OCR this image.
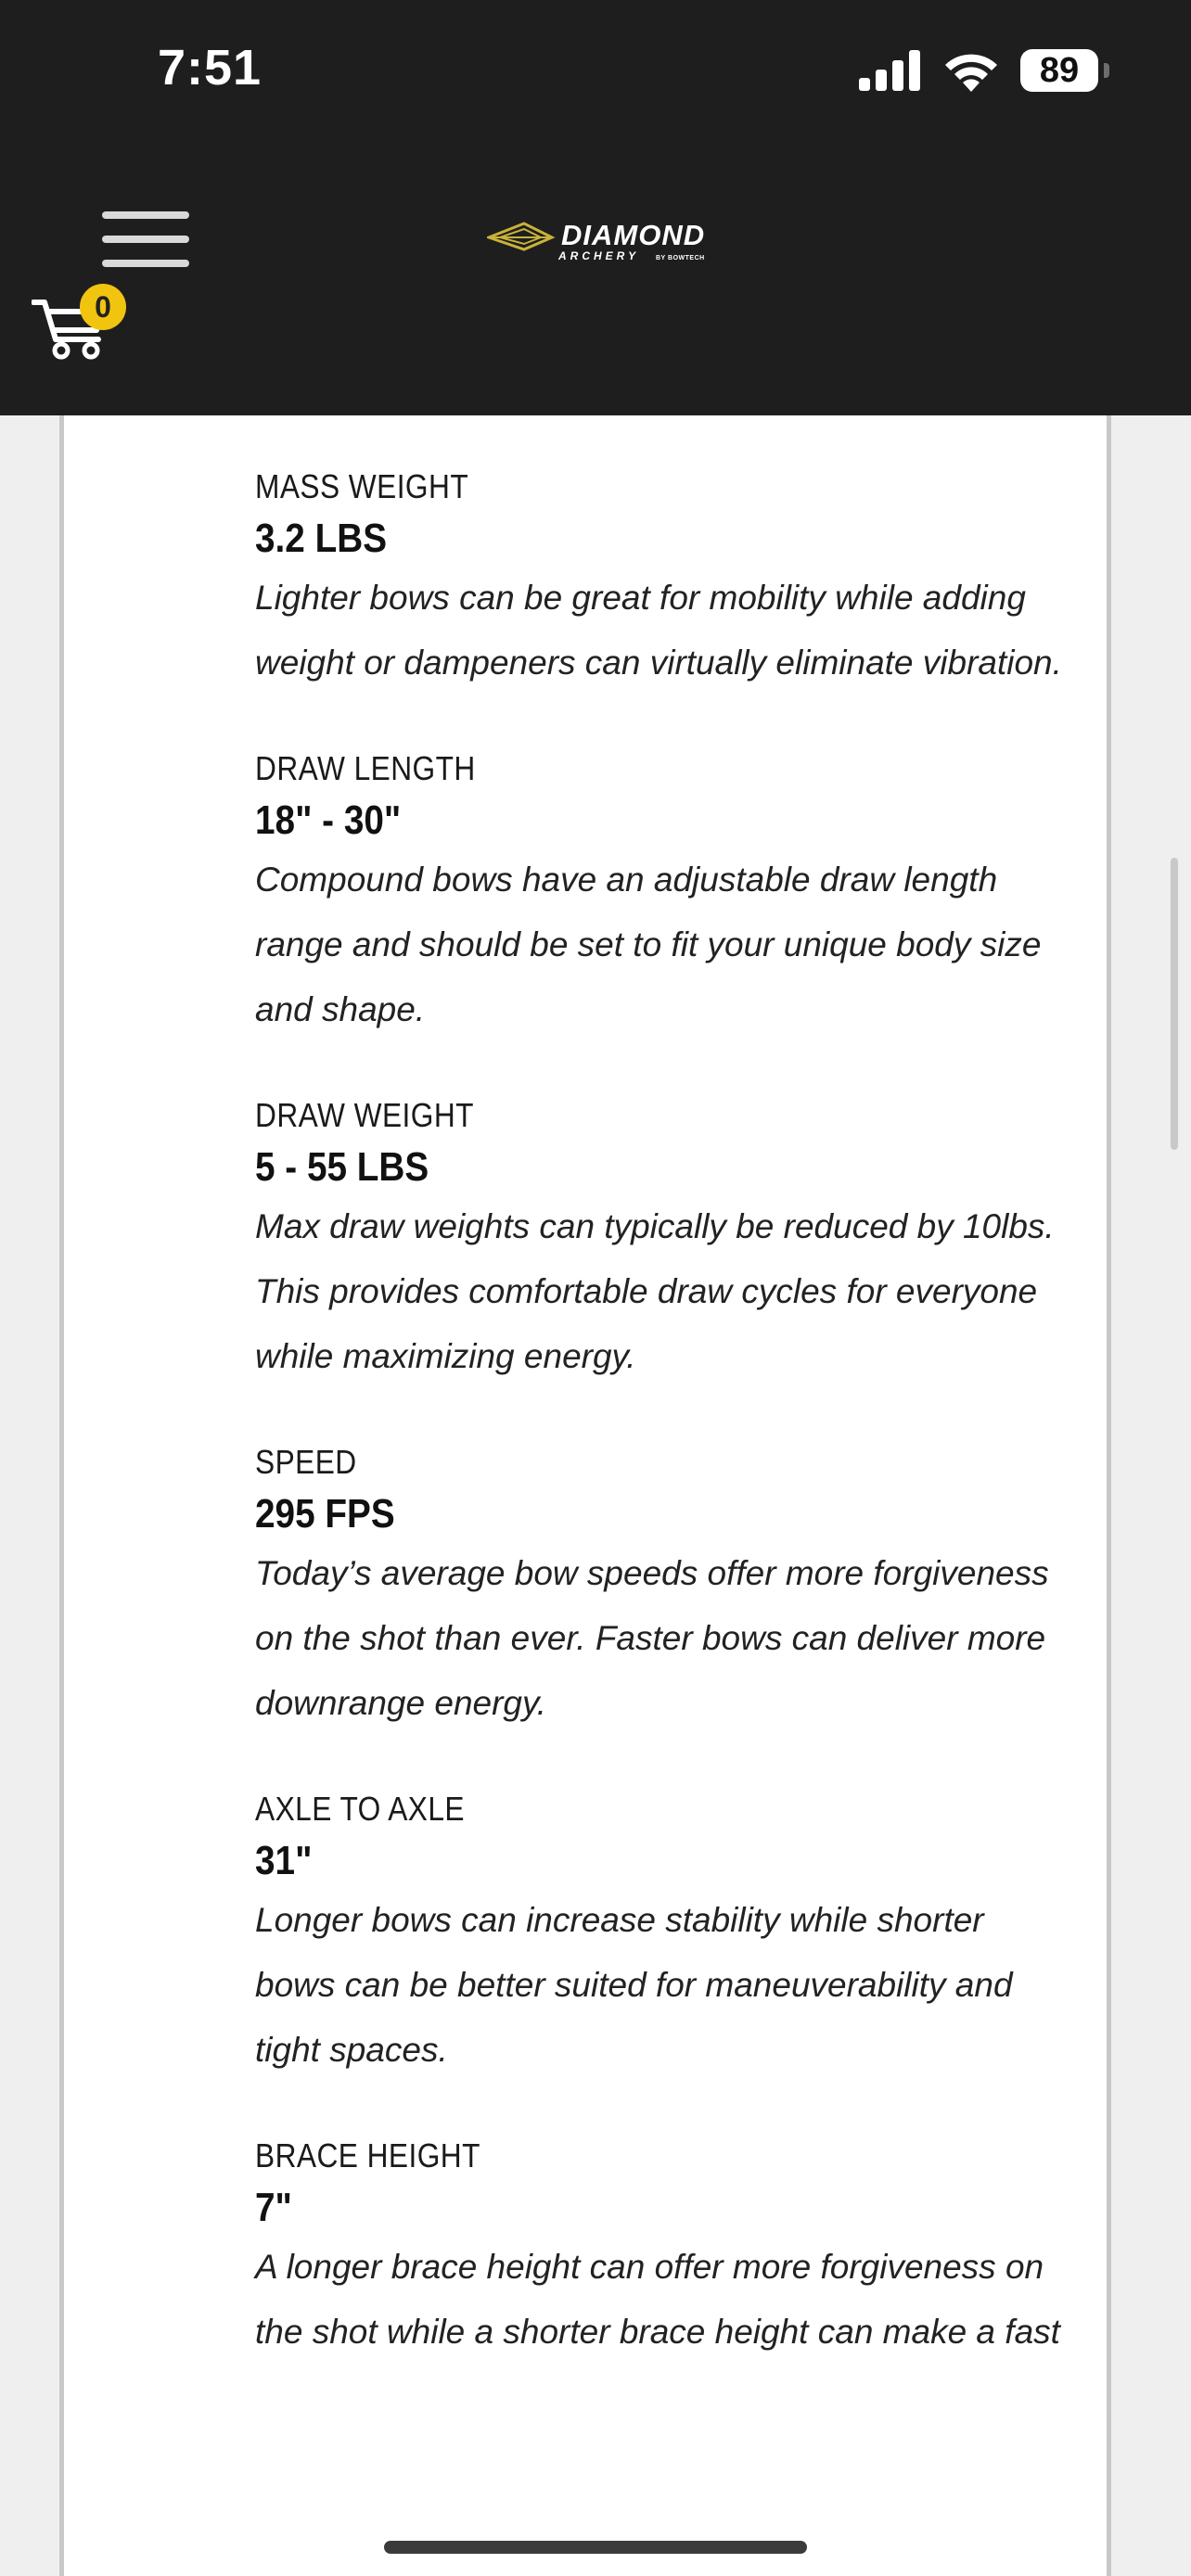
7:51	89
DIAMOND
ARCHERY	BY BOWTECH
0
MASS WEIGHT
3.2 LBS
Lighter bows can be great for mobility while adding weight or dampeners can virtually eliminate vibration.
DRAW LENGTH
18" - 30"
Compound bows have an adjustable draw length range and should be set to fit your unique body size and shape.
DRAW WEIGHT
5 - 55 LBS
Max draw weights can typically be reduced by 10lbs. This provides comfortable draw cycles for everyone while maximizing energy.
SPEED
295 FPS
Today’s average bow speeds offer more forgiveness on the shot than ever. Faster bows can deliver more downrange energy.
AXLE TO AXLE
31"
Longer bows can increase stability while shorter bows can be better suited for maneuverability and tight spaces.
BRACE HEIGHT
7"
A longer brace height can offer more forgiveness on the shot while a shorter brace height can make a fast
